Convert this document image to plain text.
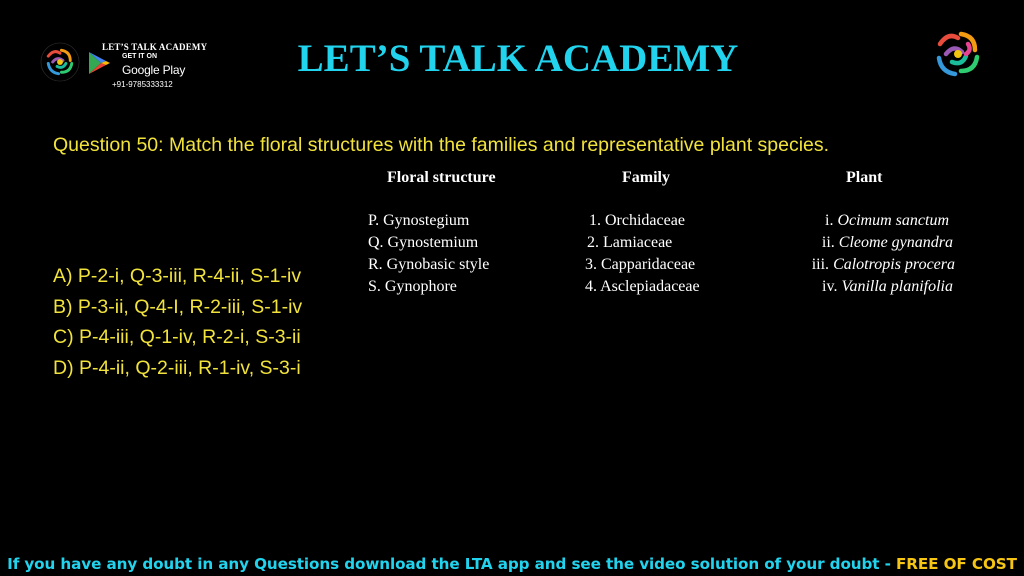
LET’S TALK ACADEMY
GET IT ON
Google Play
+91-9785333312
LET’S TALK ACADEMY
Question 50: Match the floral structures with the families and representative plant species.
Floral structure	Family	Plant
P. Gynostegium
Q. Gynostemium
R. Gynobasic style
S. Gynophore
1. Orchidaceae
2. Lamiaceae
3. Capparidaceae
4. Asclepiadaceae
i. Ocimum sanctum
ii. Cleome gynandra
iii. Calotropis procera
iv. Vanilla planifolia
A) P-2-i, Q-3-iii, R-4-ii, S-1-iv
B) P-3-ii, Q-4-I, R-2-iii, S-1-iv
C) P-4-iii, Q-1-iv, R-2-i, S-3-ii
D) P-4-ii, Q-2-iii, R-1-iv, S-3-i
If you have any doubt in any Questions download the LTA app and see the video solution of your doubt - FREE OF COST
